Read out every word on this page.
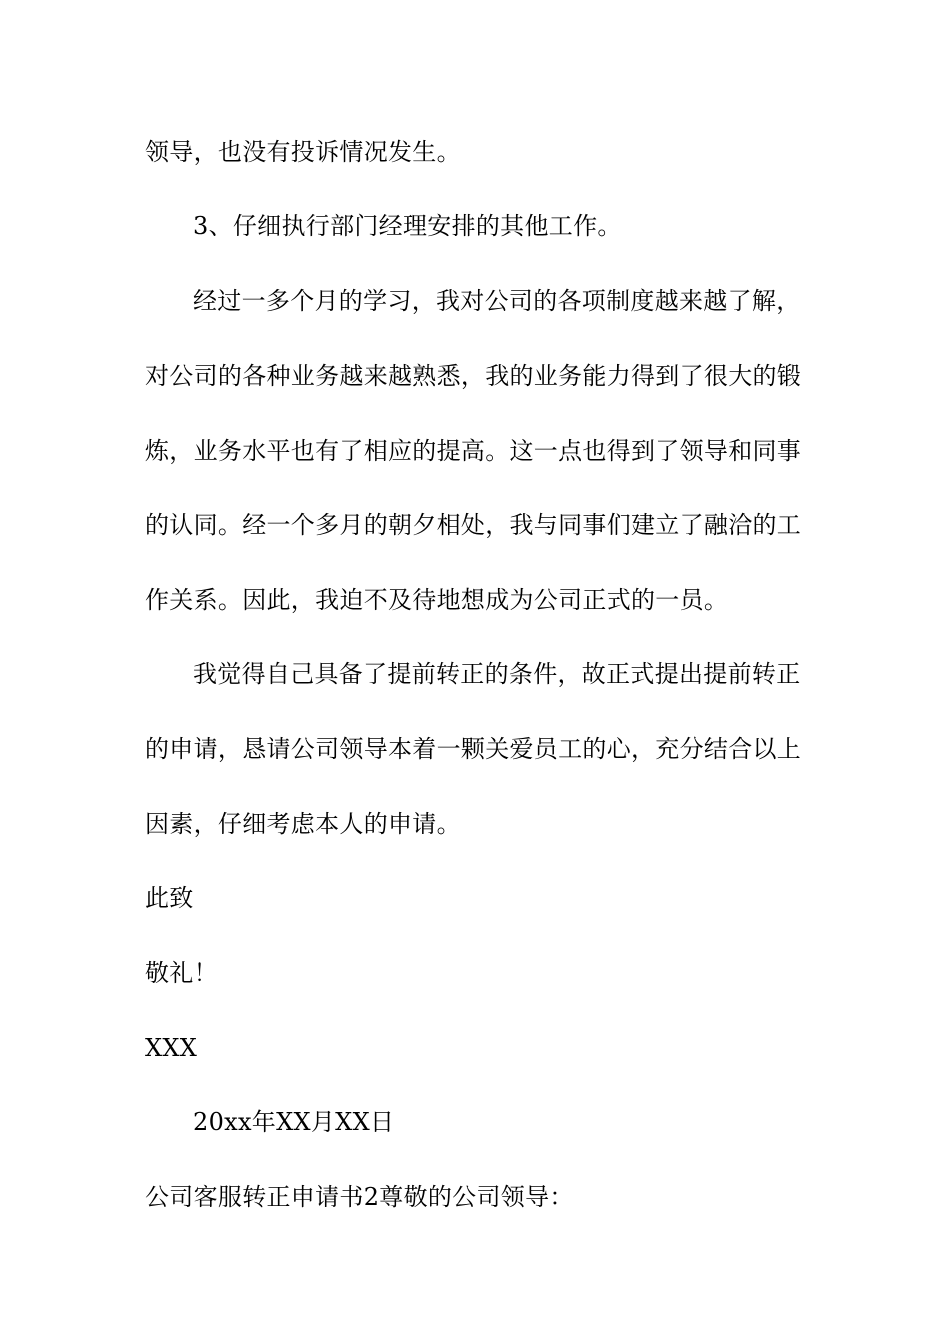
领导，也没有投诉情况发生。
3、仔细执行部门经理安排的其他工作。
经过一多个月的学习，我对公司的各项制度越来越了解，
对公司的各种业务越来越熟悉，我的业务能力得到了很大的锻
炼，业务水平也有了相应的提高。这一点也得到了领导和同事
的认同。经一个多月的朝夕相处，我与同事们建立了融洽的工
作关系。因此，我迫不及待地想成为公司正式的一员。
我觉得自己具备了提前转正的条件，故正式提出提前转正
的申请，恳请公司领导本着一颗关爱员工的心，充分结合以上
因素，仔细考虑本人的申请。
此致
敬礼！
XXX
20xx年XX月XX日
公司客服转正申请书2尊敬的公司领导：
